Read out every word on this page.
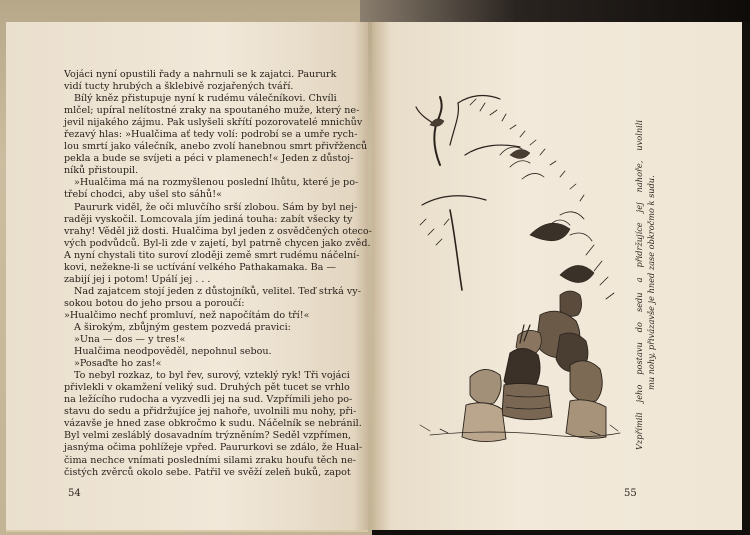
Vojáci nyní opustili řady a nahrnuli se k zajatci. Paururk
vidí tucty hrubých a šklebivě rozjařených tváří.
Bílý kněz přistupuje nyní k rudému válečníkovi. Chvíli
mlčel; upíral nelítostné zraky na spoutaného muže, který ne-
jevil nijakého zájmu. Pak uslyšeli skřítí pozorovatelé mnichův
řezavý hlas: »Hualčima ať tedy volí: podrobí se a umře rych-
lou smrtí jako válečník, anebo zvolí hanebnou smrt přivřženců
pekla a bude se svíjeti a péci v plamenech!« Jeden z důstoj-
níků přistoupil.
»Hualčima má na rozmyšlenou poslední lhůtu, které je po-
třebí chodci, aby ušel sto sáhů!«
Paururk viděl, že oči mluvčího srší zlobou. Sám by byl nej-
raději vyskočil. Lomcovala jím jediná touha: zabít všecky ty
vrahy! Věděl již dosti. Hualčima byl jeden z osvědčených oteco-
vých podvůdců. Byl-li zde v zajetí, byl patrně chycen jako zvěd.
A nyní chystali tito suroví zloději země smrt rudému náčelní-
kovi, nežekne-li se uctívání velkého Pathakamaka. Ba —
zabijí jej i potom! Upálí jej . . .
Nad zajatcem stojí jeden z důstojníků, velitel. Teď strká vy-
sokou botou do jeho prsou a poroučí:
»Hualčimo nechť promluví, než napočítám do tří!«
A širokým, zbůjným gestem pozvedá pravici:
»Una — dos — y tres!«
Hualčima neodpověděl, nepohnul sebou.
»Posaďte ho zas!«
To nebyl rozkaz, to byl řev, surový, vzteklý ryk! Tři vojáci
přivlekli v okamžení veliký sud. Druhých pět tucet se vrhlo
na ležícího rudocha a vyzvedli jej na sud. Vzpřímili jeho po-
stavu do sedu a přidržujíce jej nahoře, uvolnili mu nohy, při-
vázavše je hned zase obkročmo k sudu. Náčelník se nebránil.
Byl velmi zesláblý dosavadním trýzněním? Seděl vzpřímen,
jasnýma očima pohlížeje vpřed. Paururkovi se zdálo, že Hual-
čima nechce vnímati posledními silami zraku houfu těch ne-
čistých zvěrců okolo sebe. Patřil ve svěží zeleň buků, zapot
54	55
Vzpřímili jeho postavu do sedu a přidržujíce jej nahoře, uvolnili mu nohy, přivázavše je hned zase obkročmo k sudu.
